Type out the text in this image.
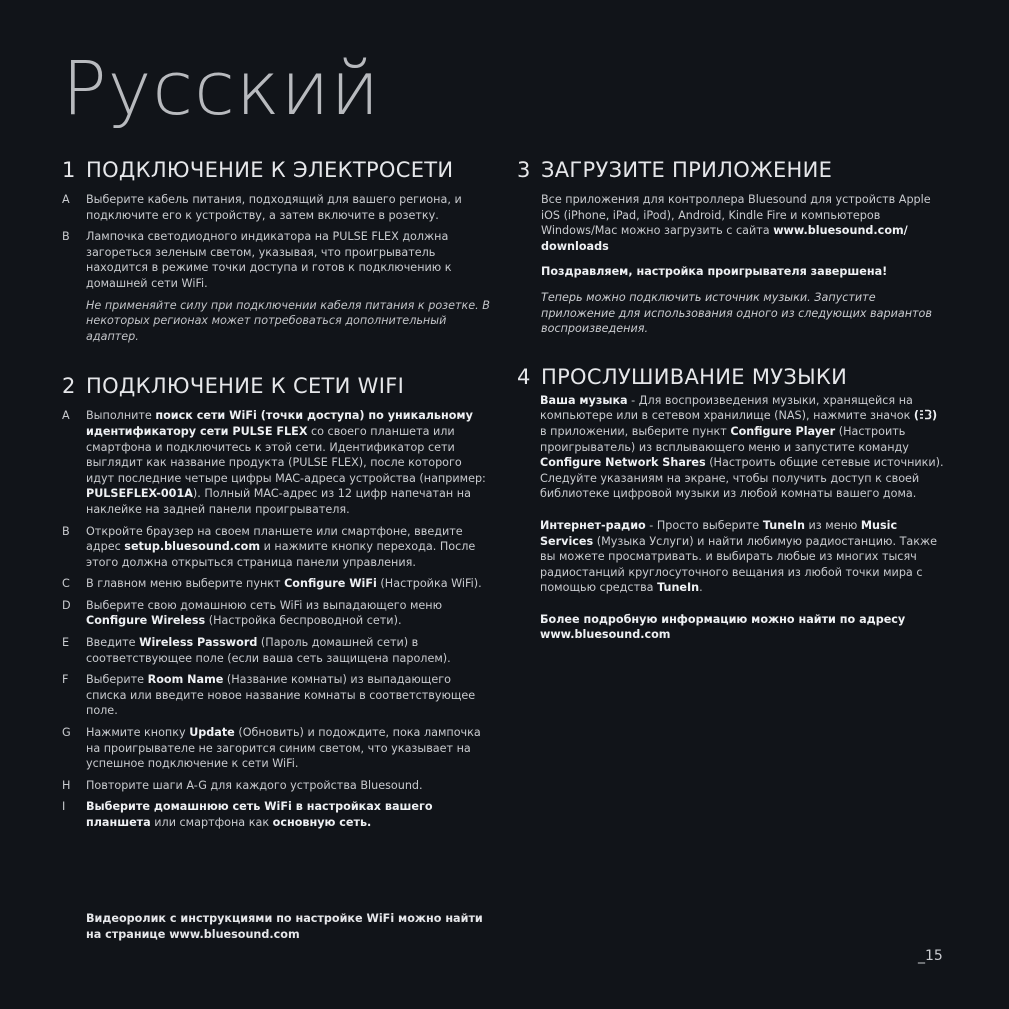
Русский
1 ПОДКЛЮЧЕНИЕ К ЭЛЕКТРОСЕТИ
A	Выберите кабель питания, подходящий для вашего региона, и подключите его к устройству, а затем включите в розетку.
B	Лампочка светодиодного индикатора на PULSE FLEX должна загореться зеленым светом, указывая, что проигрыватель находится в режиме точки доступа и готов к подключению к домашней сети WiFi.
Не применяйте силу при подключении кабеля питания к розетке. В некоторых регионах может потребоваться дополнительный адаптер.
2 ПОДКЛЮЧЕНИЕ К СЕТИ WIFI
A	Выполните поиск сети WiFi (точки доступа) по уникальному идентификатору сети PULSE FLEX со своего планшета или смартфона и подключитесь к этой сети. Идентификатор сети выглядит как название продукта (PULSE FLEX), после которого идут последние четыре цифры MAC-адреса устройства (например: PULSEFLEX-001A). Полный MAC-адрес из 12 цифр напечатан на наклейке на задней панели проигрывателя.
B	Откройте браузер на своем планшете или смартфоне, введите адрес setup.bluesound.com и нажмите кнопку перехода. После этого должна открыться страница панели управления.
C	В главном меню выберите пункт Configure WiFi (Настройка WiFi).
D	Выберите свою домашнюю сеть WiFi из выпадающего меню Configure Wireless (Настройка беспроводной сети).
E	Введите Wireless Password (Пароль домашней сети) в соответствующее поле (если ваша сеть защищена паролем).
F	Выберите Room Name (Название комнаты) из выпадающего списка или введите новое название комнаты в соответствующее поле.
G	Нажмите кнопку Update (Обновить) и подождите, пока лампочка на проигрывателе не загорится синим светом, что указывает на успешное подключение к сети WiFi.
H	Повторите шаги A-G для каждого устройства Bluesound.
I	Выберите домашнюю сеть WiFi в настройках вашего планшета или смартфона как основную сеть.
Видеоролик с инструкциями по настройке WiFi можно найти на странице www.bluesound.com
3 ЗАГРУЗИТЕ ПРИЛОЖЕНИЕ
Все приложения для контроллера Bluesound для устройств Apple iOS (iPhone, iPad, iPod), Android, Kindle Fire и компьютеров Windows/Mac можно загрузить с сайта www.bluesound.com/ downloads
Поздравляем, настройка проигрывателя завершена!
Теперь можно подключить источник музыки. Запустите приложение для использования одного из следующих вариантов воспроизведения.
4 ПРОСЛУШИВАНИЕ МУЗЫКИ
Ваша музыка - Для воспроизведения музыки, хранящейся на компьютере или в сетевом хранилище (NAS), нажмите значок ( ) в приложении, выберите пункт Configure Player (Настроить проигрыватель) из всплывающего меню и запустите команду Configure Network Shares (Настроить общие сетевые источники). Следуйте указаниям на экране, чтобы получить доступ к своей библиотеке цифровой музыки из любой комнаты вашего дома.
Интернет-радио - Просто выберите TuneIn из меню Music Services (Музыка Услуги) и найти любимую радиостанцию. Также вы можете просматривать. и выбирать любые из многих тысяч радиостанций круглосуточного вещания из любой точки мира с помощью средства TuneIn.
Более подробную информацию можно найти по адресу www.bluesound.com
_15
